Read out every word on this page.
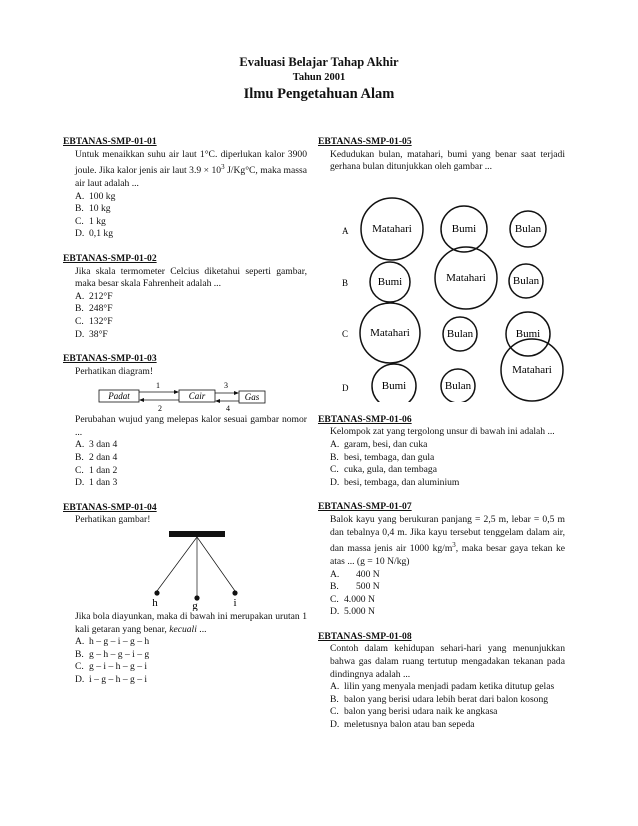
Evaluasi Belajar Tahap Akhir
Tahun 2001
Ilmu Pengetahuan Alam
EBTANAS-SMP-01-01
Untuk menaikkan suhu air laut 1°C. diperlukan kalor 3900 joule. Jika kalor jenis air laut $3.9 \times 10^3$ J/Kg°C, maka massa air laut adalah ...
A. 100 kg
B. 10 kg
C. 1 kg
D. 0,1 kg
EBTANAS-SMP-01-02
Jika skala termometer Celcius diketahui seperti gambar, maka besar skala Fahrenheit adalah ...
A. 212°F
B. 248°F
C. 132°F
D. 38°F
EBTANAS-SMP-01-03
Perhatikan diagram!
Padat	Cair	Gas
1
2
3
4
Perubahan wujud yang melepas kalor sesuai gambar nomor ...
A. 3 dan 4
B. 2 dan 4
C. 1 dan 2
D. 1 dan 3
EBTANAS-SMP-01-04
Perhatikan gambar!
h	g	i
Jika bola diayunkan, maka di bawah ini merupakan urutan 1 kali getaran yang benar, kecuali ...
A. h – g – i – g – h
B. g – h – g – i – g
C. g – i – h – g – i
D. i – g – h – g – i
EBTANAS-SMP-01-05
Kedudukan bulan, matahari, bumi yang benar saat terjadi gerhana bulan ditunjukkan oleh gambar ...
A Matahari	Bumi	Bulan
B	Bumi	Matahari Bulan
C Matahari	Bulan	Bumi
D	Bumi	Bulan
Matahari
EBTANAS-SMP-01-06
Kelompok zat yang tergolong unsur di bawah ini adalah ...
A. garam, besi, dan cuka
B. besi, tembaga, dan gula
C. cuka, gula, dan tembaga
D. besi, tembaga, dan aluminium
EBTANAS-SMP-01-07
Balok kayu yang berukuran panjang = 2,5 m, lebar = 0,5 m dan tebalnya 0,4 m. Jika kayu tersebut tenggelam dalam air, dan massa jenis air 1000 $kg/m^3$, maka besar gaya tekan ke atas ... (g = 10 N/kg)
A.	400 N
B.	500 N
C. 4.000 N
D. 5.000 N
EBTANAS-SMP-01-08
Contoh dalam kehidupan sehari-hari yang menunjukkan bahwa gas dalam ruang tertutup mengadakan tekanan pada dindingnya adalah ...
A. lilin yang menyala menjadi padam ketika ditutup gelas
B. balon yang berisi udara lebih berat dari balon kosong
C. balon yang berisi udara naik ke angkasa
D. meletusnya balon atau ban sepeda
